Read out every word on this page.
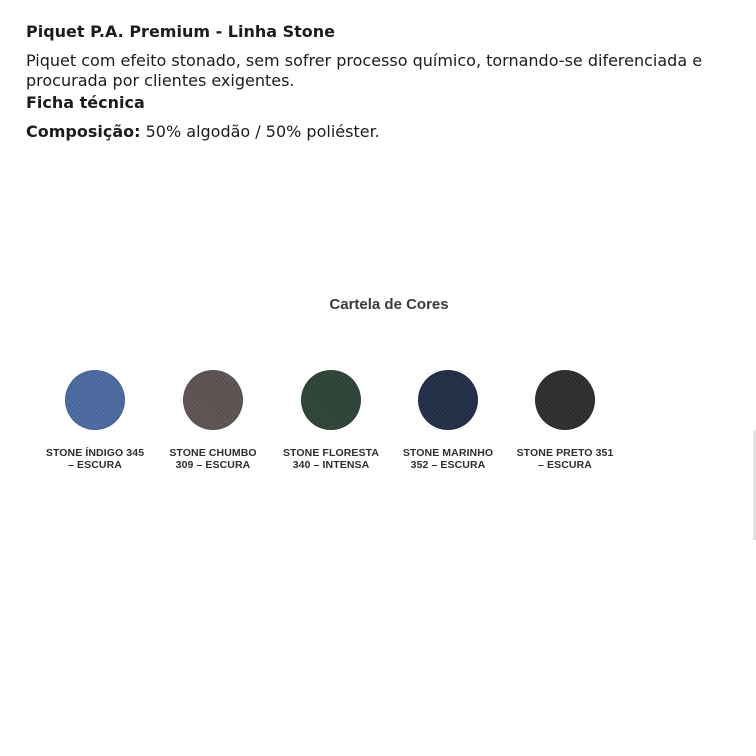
Piquet P.A. Premium - Linha Stone

Piquet com efeito stonado, sem sofrer processo químico, tornando-se diferenciada e procurada por clientes exigentes.

Ficha técnica

Composição: 50% algodão / 50% poliéster.

Cartela de Cores

STONE ÍNDIGO 345
– ESCURA
STONE CHUMBO
309 – ESCURA
STONE FLORESTA
340 – INTENSA
STONE MARINHO
352 – ESCURA
STONE PRETO 351
– ESCURA
